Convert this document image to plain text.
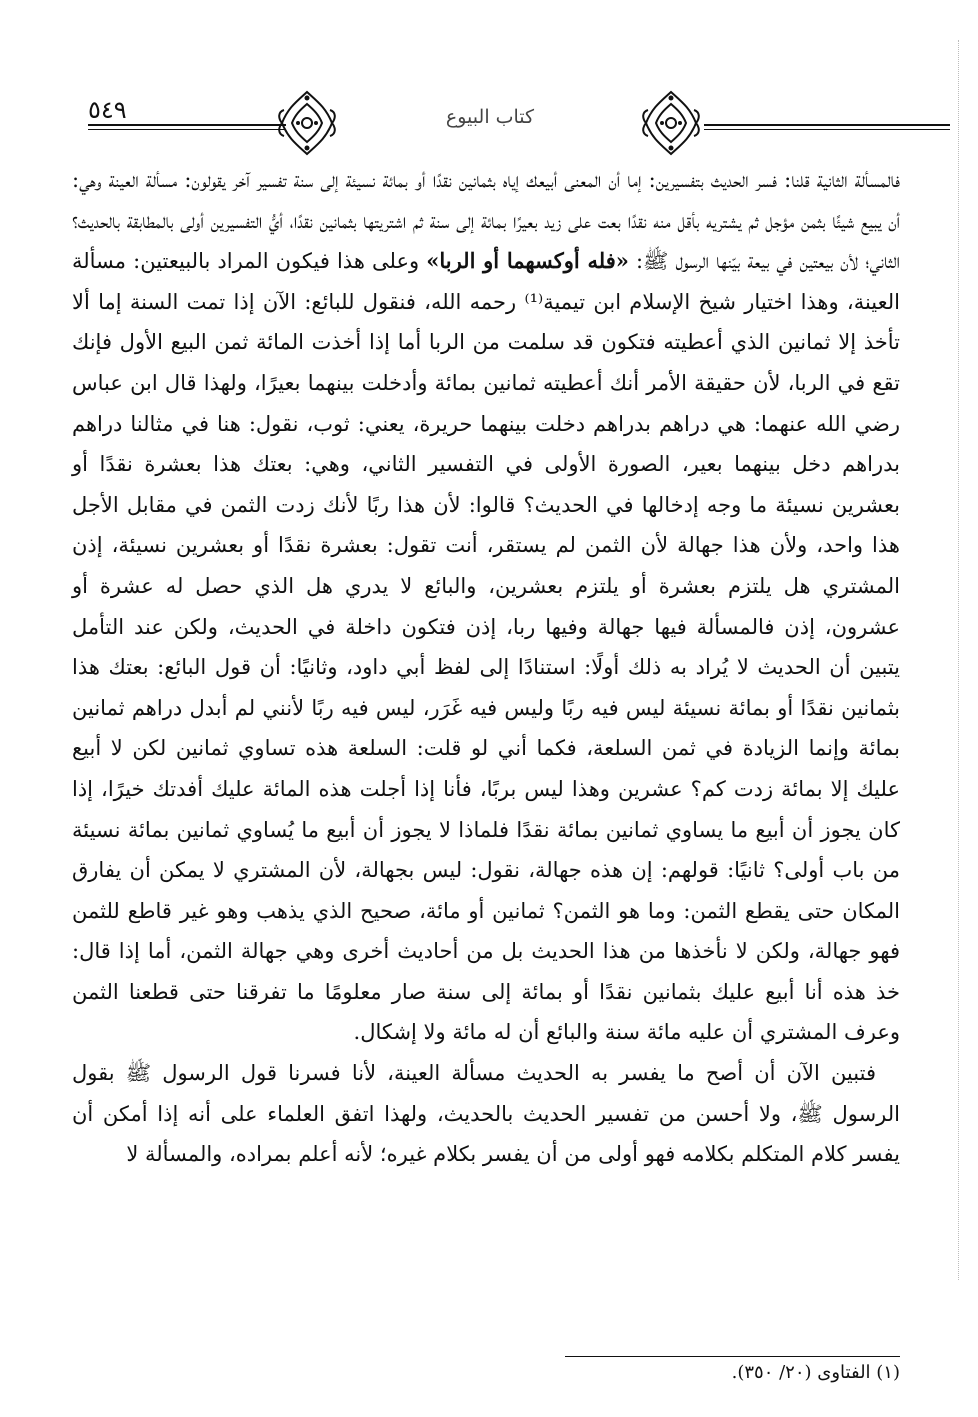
٥٤٩	كتاب البيوع

فالمسألة الثانية قلنا: فسر الحديث بتفسيرين: إما أن المعنى أبيعك إياه بثمانين نقدًا أو بمائة نسيئة إلى سنة تفسير آخر يقولون: مسألة العينة وهي: أن يبيع شيئًا بثمن مؤجل ثم يشتريه بأقل منه نقدًا بعت على زيد بعيرًا بمائة إلى سنة ثم اشتريتها بثمانين نقدًا، أيُّ التفسيرين أولى بالمطابقة بالحديث؟ الثاني؛ لأن بيعتين في بيعة بيّنها الرسول ﷺ: «فله أوكسهما أو الربا» وعلى هذا فيكون المراد بالبيعتين: مسألة العينة، وهذا اختيار شيخ الإسلام ابن تيمية⁽¹⁾ رحمه الله، فنقول للبائع: الآن إذا تمت السنة إما ألا تأخذ إلا ثمانين الذي أعطيته فتكون قد سلمت من الربا أما إذا أخذت المائة ثمن البيع الأول فإنك تقع في الربا، لأن حقيقة الأمر أنك أعطيته ثمانين بمائة وأدخلت بينهما بعيرًا، ولهذا قال ابن عباس رضي الله عنهما: هي دراهم بدراهم دخلت بينهما حريرة، يعني: ثوب، نقول: هنا في مثالنا دراهم بدراهم دخل بينهما بعير، الصورة الأولى في التفسير الثاني، وهي: بعتك هذا بعشرة نقدًا أو بعشرين نسيئة ما وجه إدخالها في الحديث؟ قالوا: لأن هذا ربًا لأنك زدت الثمن في مقابل الأجل هذا واحد، ولأن هذا جهالة لأن الثمن لم يستقر، أنت تقول: بعشرة نقدًا أو بعشرين نسيئة، إذن المشتري هل يلتزم بعشرة أو يلتزم بعشرين، والبائع لا يدري هل الذي حصل له عشرة أو عشرون، إذن فالمسألة فيها جهالة وفيها ربا، إذن فتكون داخلة في الحديث، ولكن عند التأمل يتبين أن الحديث لا يُراد به ذلك أولًا: استنادًا إلى لفظ أبي داود، وثانيًا: أن قول البائع: بعتك هذا بثمانين نقدًا أو بمائة نسيئة ليس فيه ربًا وليس فيه غَرَر، ليس فيه ربًا لأنني لم أبدل دراهم ثمانين بمائة وإنما الزيادة في ثمن السلعة، فكما أني لو قلت: السلعة هذه تساوي ثمانين لكن لا أبيع عليك إلا بمائة زدت كم؟ عشرين وهذا ليس بربًا، فأنا إذا أجلت هذه المائة عليك أفدتك خيرًا، إذا كان يجوز أن أبيع ما يساوي ثمانين بمائة نقدًا فلماذا لا يجوز أن أبيع ما يُساوي ثمانين بمائة نسيئة من باب أولى؟ ثانيًا: قولهم: إن هذه جهالة، نقول: ليس بجهالة، لأن المشتري لا يمكن أن يفارق المكان حتى يقطع الثمن: وما هو الثمن؟ ثمانين أو مائة، صحيح الذي يذهب وهو غير قاطع للثمن فهو جهالة، ولكن لا نأخذها من هذا الحديث بل من أحاديث أخرى وهي جهالة الثمن، أما إذا قال: خذ هذه أنا أبيع عليك بثمانين نقدًا أو بمائة إلى سنة صار معلومًا ما تفرقنا حتى قطعنا الثمن وعرف المشتري أن عليه مائة سنة والبائع أن له مائة ولا إشكال.

فتبين الآن أن أصح ما يفسر به الحديث مسألة العينة، لأنا فسرنا قول الرسول ﷺ بقول الرسول ﷺ، ولا أحسن من تفسير الحديث بالحديث، ولهذا اتفق العلماء على أنه إذا أمكن أن يفسر كلام المتكلم بكلامه فهو أولى من أن يفسر بكلام غيره؛ لأنه أعلم بمراده، والمسألة لا

(١) الفتاوى (٢٠/ ٣٥٠).
